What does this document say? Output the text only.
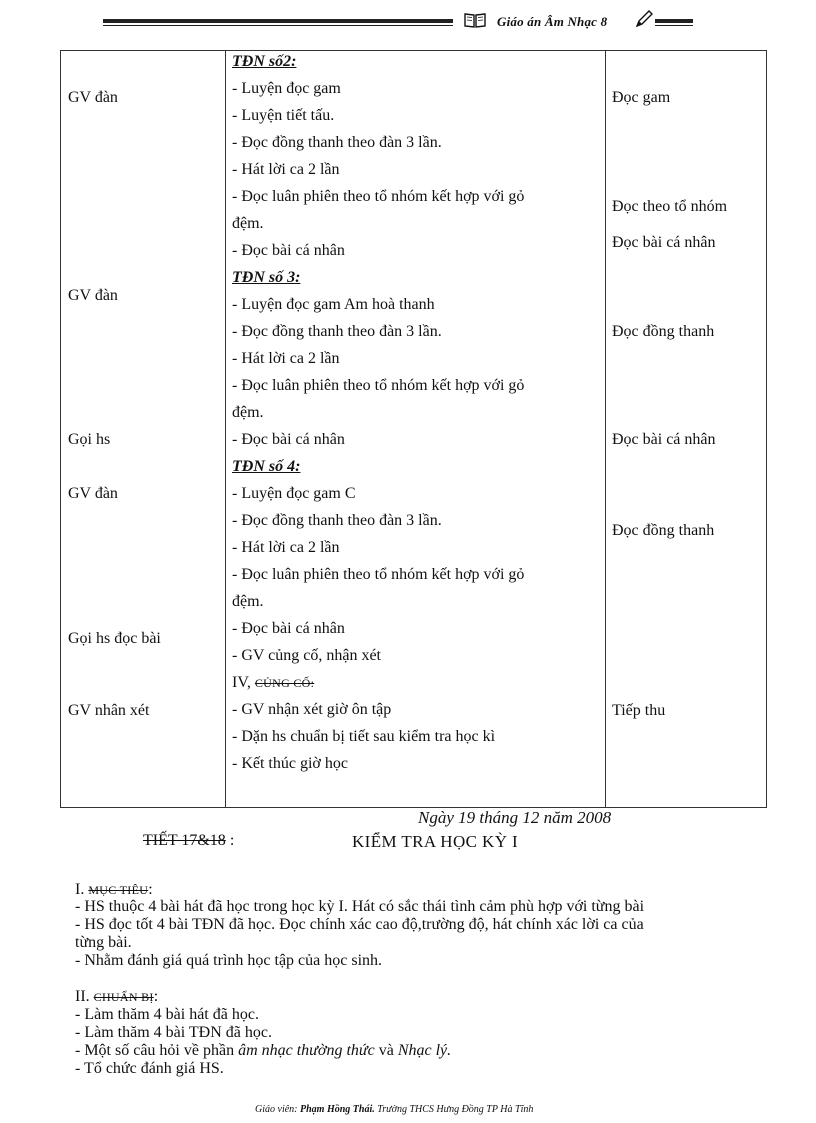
Giáo án Âm Nhạc 8
GV đàn
GV đàn
Gọi hs
GV đàn
Gọi hs đọc bài
GV nhân xét
TĐN số2:
- Luyện đọc gam
- Luyện tiết tấu.
- Đọc đồng thanh theo đàn 3 lần.
- Hát lời ca 2 lần
- Đọc luân phiên theo tổ nhóm kết hợp với gỏ
đệm.
- Đọc bài cá nhân
TĐN số 3:
- Luyện đọc gam Am hoà thanh
- Đọc đồng thanh theo đàn 3 lần.
- Hát lời ca 2 lần
- Đọc luân phiên theo tổ nhóm kết hợp với gỏ
đệm.
- Đọc bài cá nhân
TĐN số 4:
- Luyện đọc gam C
- Đọc đồng thanh theo đàn 3 lần.
- Hát lời ca 2 lần
- Đọc luân phiên theo tổ nhóm kết hợp với gỏ
đệm.
- Đọc bài cá nhân
- GV củng cố, nhận xét
IV, CỦNG CỐ:
- GV nhận xét giờ ôn tập
- Dặn hs chuẩn bị tiết sau kiểm tra học kì
- Kết thúc giờ học
Đọc gam
Đọc theo tổ nhóm
Đọc bài cá nhân
Đọc đồng thanh
Đọc bài cá nhân
Đọc đồng thanh
Tiếp thu
Ngày 19 tháng 12 năm 2008
TIẾT 17&18 :	KIỂM TRA HỌC KỲ I
I. MỤC TIÊU:
- HS thuộc 4 bài hát đã học trong học kỳ I. Hát có sắc thái tình cảm phù hợp với từng bài
- HS đọc tốt 4 bài TĐN đã học. Đọc chính xác cao độ,trường độ, hát chính xác lời ca của
từng bài.
- Nhằm đánh giá quá trình học tập của học sinh.
II. CHUẨN BỊ:
- Làm thăm 4 bài hát đã học.
- Làm thăm 4 bài TĐN đã học.
- Một số câu hỏi về phần âm nhạc thường thức và Nhạc lý.
- Tổ chức đánh giá HS.
Giáo viên: Phạm Hồng Thái. Trường THCS Hưng Đồng TP Hà Tĩnh
